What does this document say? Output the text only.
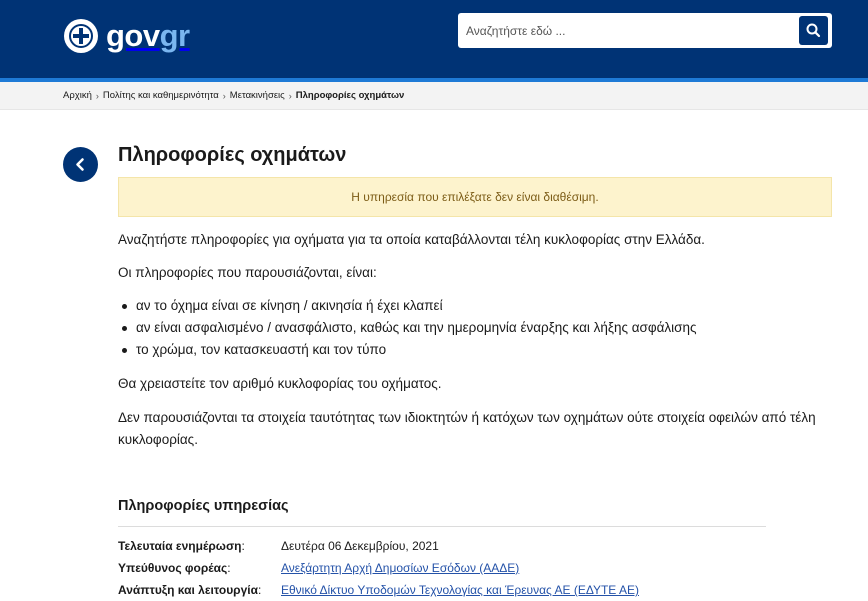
govgr
Αναζητήστε εδώ ...
Αρχική › Πολίτης και καθημερινότητα › Μετακινήσεις › Πληροφορίες οχημάτων
Πληροφορίες οχημάτων
Η υπηρεσία που επιλέξατε δεν είναι διαθέσιμη.

Αναζητήστε πληροφορίες για οχήματα για τα οποία καταβάλλονται τέλη κυκλοφορίας στην Ελλάδα.

Οι πληροφορίες που παρουσιάζονται, είναι:

αν το όχημα είναι σε κίνηση / ακινησία ή έχει κλαπεί
αν είναι ασφαλισμένο / ανασφάλιστο, καθώς και την ημερομηνία έναρξης και λήξης ασφάλισης
το χρώμα, τον κατασκευαστή και τον τύπο

Θα χρειαστείτε τον αριθμό κυκλοφορίας του οχήματος.

Δεν παρουσιάζονται τα στοιχεία ταυτότητας των ιδιοκτητών ή κατόχων των οχημάτων ούτε στοιχεία οφειλών από τέλη κυκλοφορίας.

Πληροφορίες υπηρεσίας
Τελευταία ενημέρωση:	Δευτέρα 06 Δεκεμβρίου, 2021
Υπεύθυνος φορέας:	Ανεξάρτητη Αρχή Δημοσίων Εσόδων (ΑΑΔΕ)
Ανάπτυξη και λειτουργία:	Εθνικό Δίκτυο Υποδομών Τεχνολογίας και Έρευνας ΑΕ (ΕΔΥΤΕ ΑΕ)
